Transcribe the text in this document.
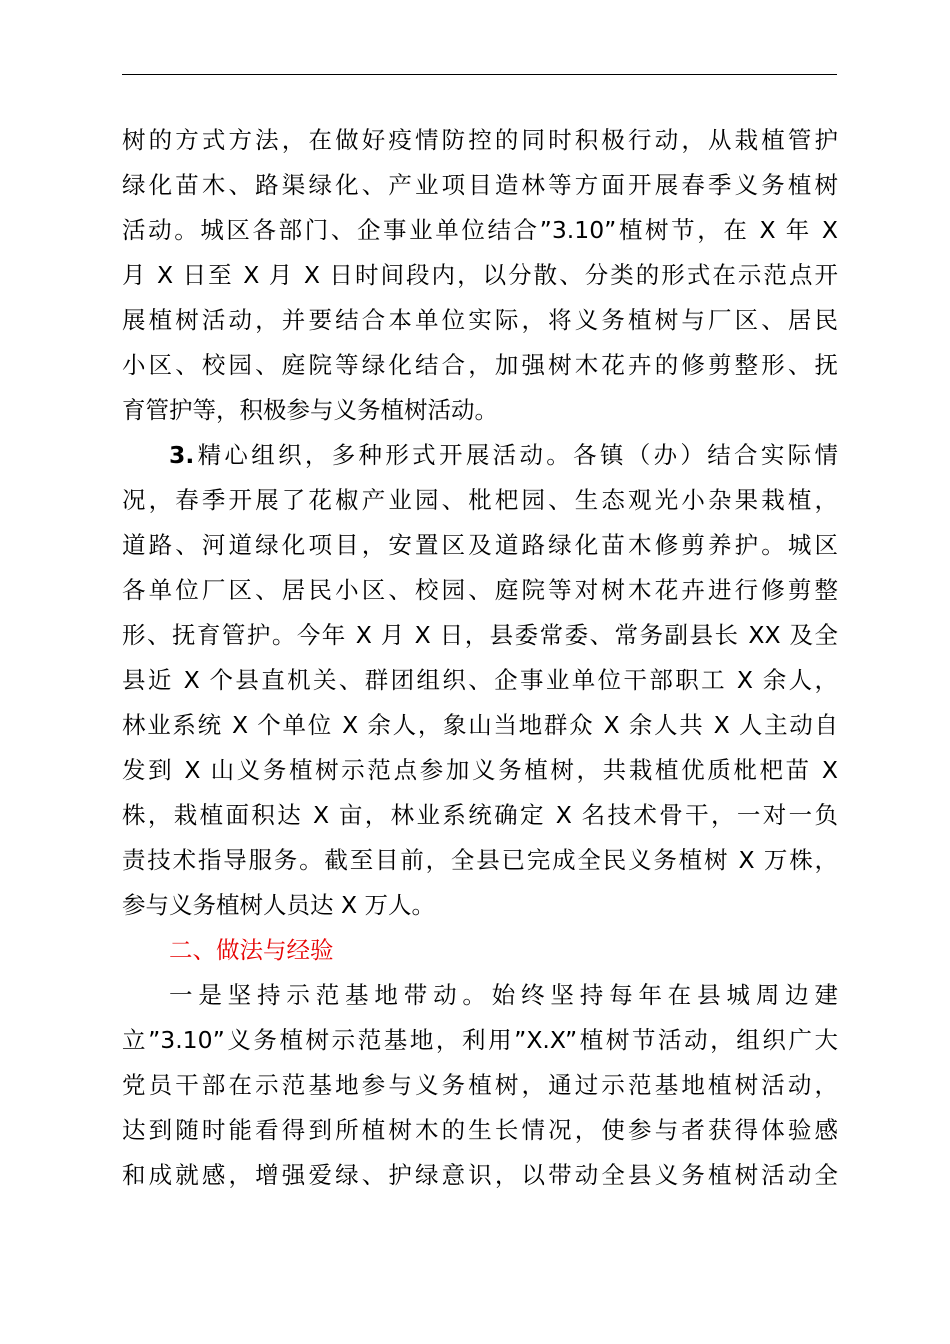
树的方式方法，在做好疫情防控的同时积极行动，从栽植管护
绿化苗木、路渠绿化、产业项目造林等方面开展春季义务植树
活动。城区各部门、企事业单位结合”3.10”植树节，在 X 年 X
月 X 日至 X 月 X 日时间段内，以分散、分类的形式在示范点开
展植树活动，并要结合本单位实际，将义务植树与厂区、居民
小区、校园、庭院等绿化结合，加强树木花卉的修剪整形、抚
育管护等，积极参与义务植树活动。
3.精心组织，多种形式开展活动。各镇（办）结合实际情
况，春季开展了花椒产业园、枇杷园、生态观光小杂果栽植，
道路、河道绿化项目，安置区及道路绿化苗木修剪养护。城区
各单位厂区、居民小区、校园、庭院等对树木花卉进行修剪整
形、抚育管护。今年 X 月 X 日，县委常委、常务副县长 XX 及全
县近 X 个县直机关、群团组织、企事业单位干部职工 X 余人，
林业系统 X 个单位 X 余人，象山当地群众 X 余人共 X 人主动自
发到 X 山义务植树示范点参加义务植树，共栽植优质枇杷苗 X
株，栽植面积达 X 亩，林业系统确定 X 名技术骨干，一对一负
责技术指导服务。截至目前，全县已完成全民义务植树 X 万株，
参与义务植树人员达 X 万人。
二、做法与经验
一是坚持示范基地带动。始终坚持每年在县城周边建
立”3.10”义务植树示范基地，利用”X.X”植树节活动，组织广大
党员干部在示范基地参与义务植树，通过示范基地植树活动，
达到随时能看得到所植树木的生长情况，使参与者获得体验感
和成就感，增强爱绿、护绿意识，以带动全县义务植树活动全
